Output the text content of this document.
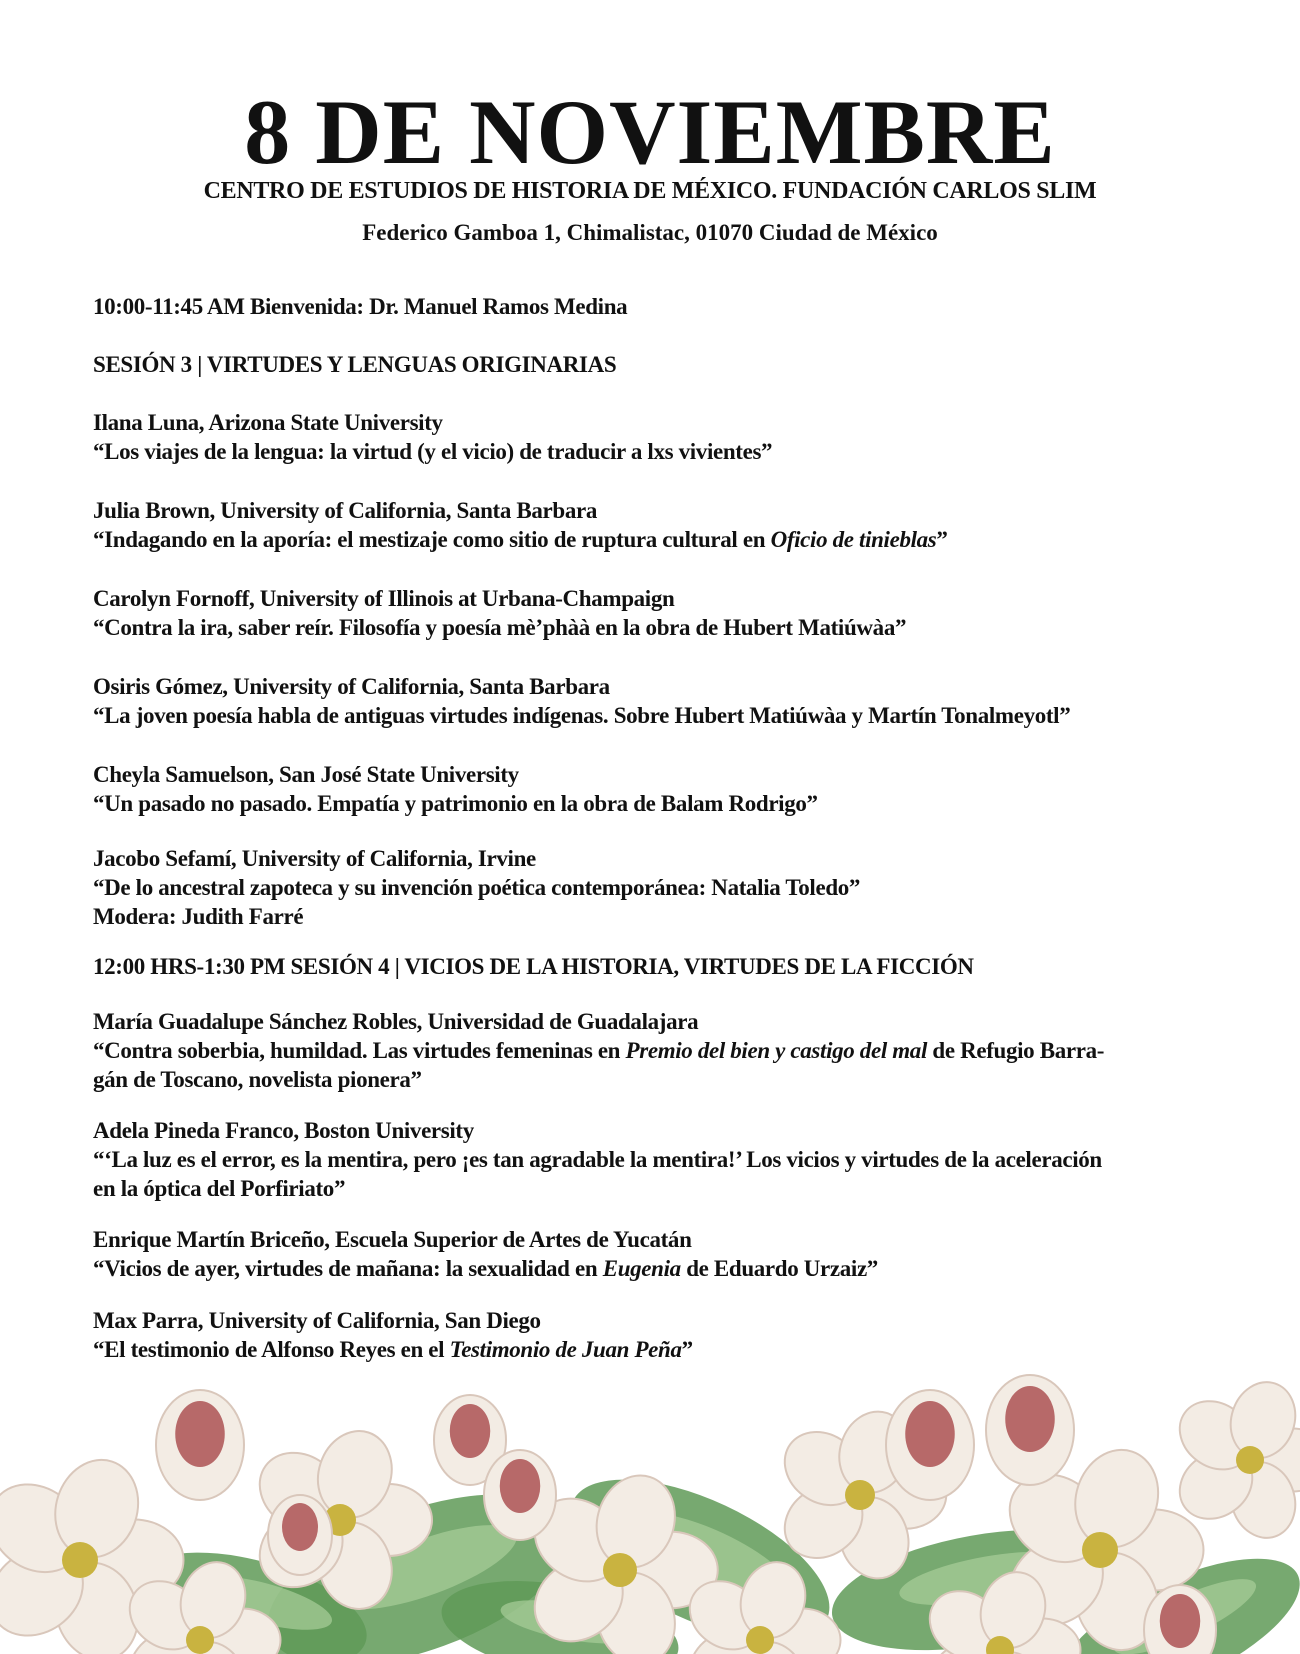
8 DE NOVIEMBRE
CENTRO DE ESTUDIOS DE HISTORIA DE MÉXICO. FUNDACIÓN CARLOS SLIM
Federico Gamboa 1, Chimalistac, 01070 Ciudad de México
10:00-11:45 AM Bienvenida: Dr. Manuel Ramos Medina
SESIÓN 3 | VIRTUDES Y LENGUAS ORIGINARIAS
Ilana Luna, Arizona State University
“Los viajes de la lengua: la virtud (y el vicio) de traducir a lxs vivientes”
Julia Brown, University of California, Santa Barbara
“Indagando en la aporía: el mestizaje como sitio de ruptura cultural en Oficio de tinieblas”
Carolyn Fornoff, University of Illinois at Urbana-Champaign
“Contra la ira, saber reír. Filosofía y poesía mè’phàà en la obra de Hubert Matiúwàa”
Osiris Gómez, University of California, Santa Barbara
“La joven poesía habla de antiguas virtudes indígenas. Sobre Hubert Matiúwàa y Martín Tonalmeyotl”
Cheyla Samuelson, San José State University
“Un pasado no pasado. Empatía y patrimonio en la obra de Balam Rodrigo”
Jacobo Sefamí, University of California, Irvine
“De lo ancestral zapoteca y su invención poética contemporánea: Natalia Toledo”
Modera: Judith Farré
12:00 HRS-1:30 PM SESIÓN 4 | VICIOS DE LA HISTORIA, VIRTUDES DE LA FICCIÓN
María Guadalupe Sánchez Robles, Universidad de Guadalajara
“Contra soberbia, humildad. Las virtudes femeninas en Premio del bien y castigo del mal de Refugio Barra-
gán de Toscano, novelista pionera”
Adela Pineda Franco, Boston University
“‘La luz es el error, es la mentira, pero ¡es tan agradable la mentira!’ Los vicios y virtudes de la aceleración
en la óptica del Porfiriato”
Enrique Martín Briceño, Escuela Superior de Artes de Yucatán
“Vicios de ayer, virtudes de mañana: la sexualidad en Eugenia de Eduardo Urzaiz”
Max Parra, University of California, San Diego
“El testimonio de Alfonso Reyes en el Testimonio de Juan Peña”
